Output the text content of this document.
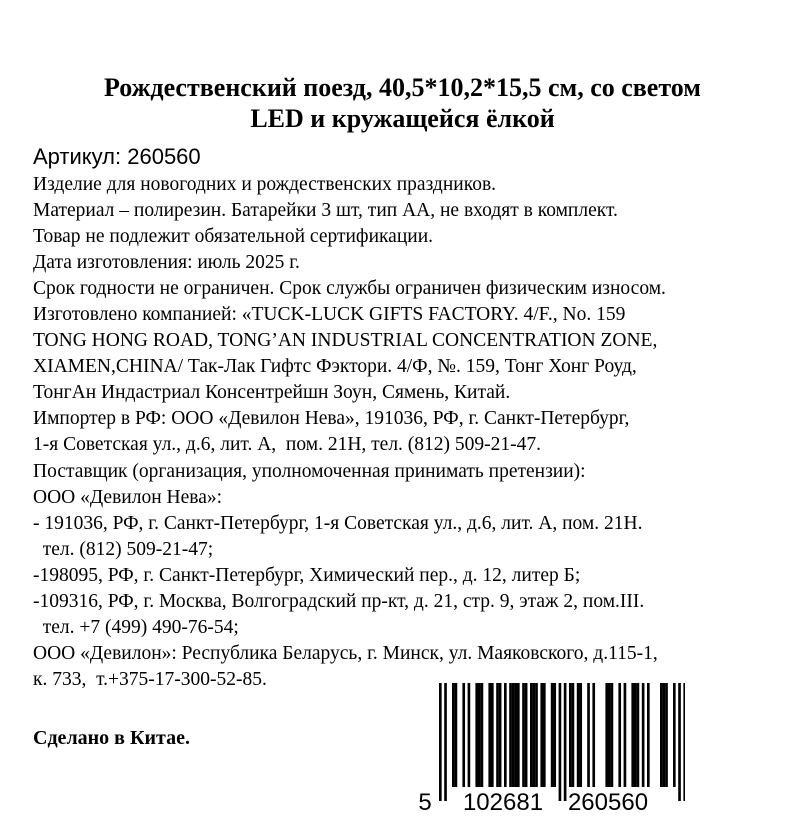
Рождественский поезд, 40,5*10,2*15,5 см, со светом
LED и кружащейся ёлкой

Артикул: 260560

Изделие для новогодних и рождественских праздников.
Материал – полирезин. Батарейки 3 шт, тип АА, не входят в комплект.
Товар не подлежит обязательной сертификации.
Дата изготовления: июль 2025 г.
Срок годности не ограничен. Срок службы ограничен физическим износом.
Изготовлено компанией: «TUCK-LUCK GIFTS FACTORY. 4/F., No. 159
TONG HONG ROAD, TONG’AN INDUSTRIAL CONCENTRATION ZONE,
XIAMEN,CHINA/ Так-Лак Гифтс Фэктори. 4/Ф, №. 159, Тонг Хонг Роуд,
ТонгАн Индастриал Консентрейшн Зоун, Сямень, Китай.
Импортер в РФ: ООО «Девилон Нева», 191036, РФ, г. Санкт-Петербург,
1-я Советская ул., д.6, лит. А,  пом. 21Н, тел. (812) 509-21-47.
Поставщик (организация, уполномоченная принимать претензии):
ООО «Девилон Нева»:
- 191036, РФ, г. Санкт-Петербург, 1-я Советская ул., д.6, лит. А, пом. 21Н.
тел. (812) 509-21-47;
-198095, РФ, г. Санкт-Петербург, Химический пер., д. 12, литер Б;
-109316, РФ, г. Москва, Волгоградский пр-кт, д. 21, стр. 9, этаж 2, пом.III.
тел. +7 (499) 490-76-54;
ООО «Девилон»: Республика Беларусь, г. Минск, ул. Маяковского, д.115-1,
к. 733,  т.+375-17-300-52-85.

Сделано в Китае.

5 102681 260560
